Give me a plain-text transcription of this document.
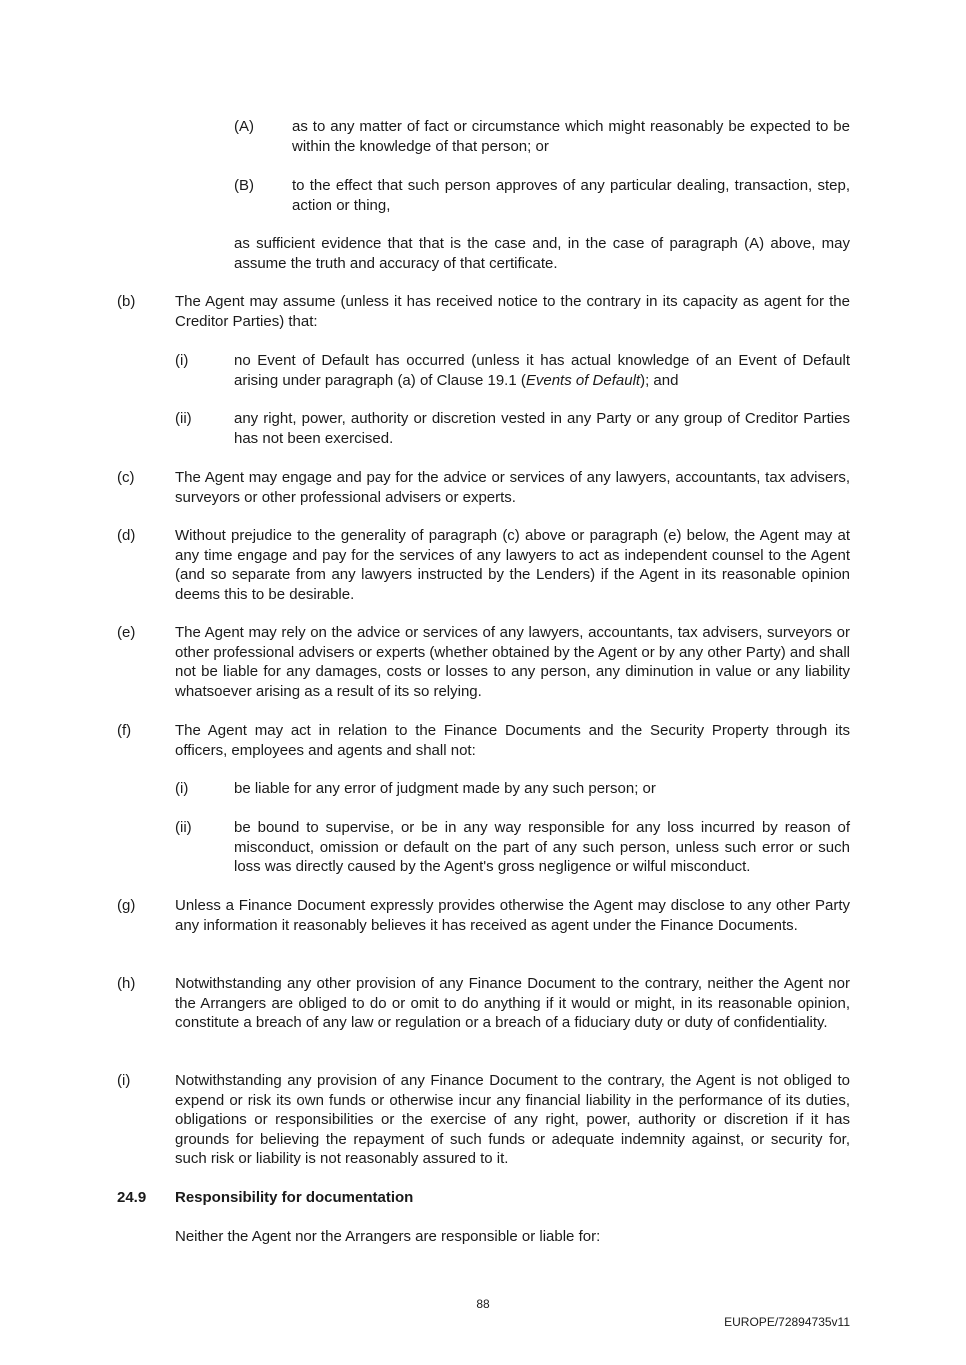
(A)	as to any matter of fact or circumstance which might reasonably be expected to be within the knowledge of that person; or

(B)	to the effect that such person approves of any particular dealing, transaction, step, action or thing,

as sufficient evidence that that is the case and, in the case of paragraph (A) above, may assume the truth and accuracy of that certificate.

(b)	The Agent may assume (unless it has received notice to the contrary in its capacity as agent for the Creditor Parties) that:

(i)	no Event of Default has occurred (unless it has actual knowledge of an Event of Default arising under paragraph (a) of Clause 19.1 (Events of Default); and

(ii)	any right, power, authority or discretion vested in any Party or any group of Creditor Parties has not been exercised.

(c)	The Agent may engage and pay for the advice or services of any lawyers, accountants, tax advisers, surveyors or other professional advisers or experts.

(d)	Without prejudice to the generality of paragraph (c) above or paragraph (e) below, the Agent may at any time engage and pay for the services of any lawyers to act as independent counsel to the Agent (and so separate from any lawyers instructed by the Lenders) if the Agent in its reasonable opinion deems this to be desirable.

(e)	The Agent may rely on the advice or services of any lawyers, accountants, tax advisers, surveyors or other professional advisers or experts (whether obtained by the Agent or by any other Party) and shall not be liable for any damages, costs or losses to any person, any diminution in value or any liability whatsoever arising as a result of its so relying.

(f)	The Agent may act in relation to the Finance Documents and the Security Property through its officers, employees and agents and shall not:

(i)	be liable for any error of judgment made by any such person; or

(ii)	be bound to supervise, or be in any way responsible for any loss incurred by reason of misconduct, omission or default on the part of any such person, unless such error or such loss was directly caused by the Agent's gross negligence or wilful misconduct.

(g)	Unless a Finance Document expressly provides otherwise the Agent may disclose to any other Party any information it reasonably believes it has received as agent under the Finance Documents.

(h)	Notwithstanding any other provision of any Finance Document to the contrary, neither the Agent nor the Arrangers are obliged to do or omit to do anything if it would or might, in its reasonable opinion, constitute a breach of any law or regulation or a breach of a fiduciary duty or duty of confidentiality.

(i)	Notwithstanding any provision of any Finance Document to the contrary, the Agent is not obliged to expend or risk its own funds or otherwise incur any financial liability in the performance of its duties, obligations or responsibilities or the exercise of any right, power, authority or discretion if it has grounds for believing the repayment of such funds or adequate indemnity against, or security for, such risk or liability is not reasonably assured to it.

24.9 Responsibility for documentation

Neither the Agent nor the Arrangers are responsible or liable for:

88
EUROPE/72894735v11
